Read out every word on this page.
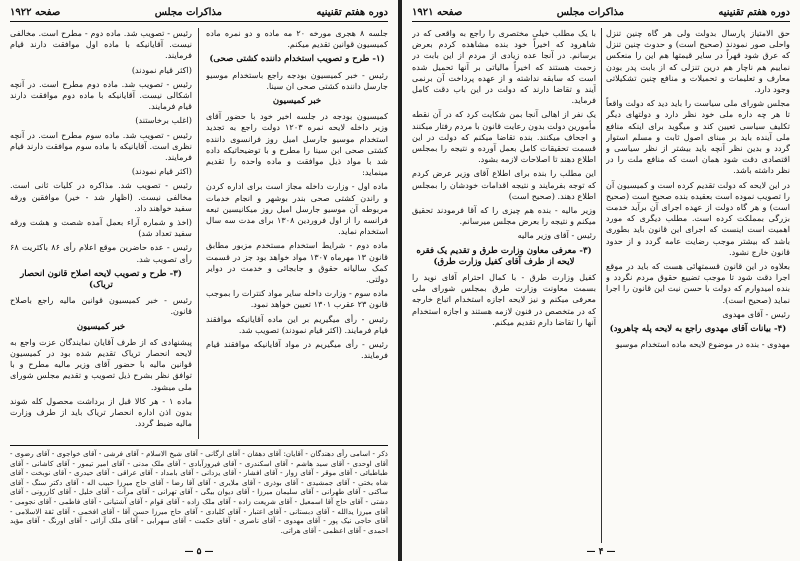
دوره هفتم تقنینیه
مذاکرات مجلس
صفحه ۱۹۲۲

جلسه ۸ هجری مورخه ۲۰ مه ماده و دو نمره ماده کمیسیون قوانین تقدیم میکنم.

(۱- طرح و تصویب استخدام داننده کشتی صحی)

رئیس - خبر کمیسیون بودجه راجع باستخدام موسیو جارسل داننده کشتی صحی ان سینا.

خبر کمیسیون

کمیسیون بودجه در جلسه اخیر خود با حضور آقای وزیر داخله لایحه نمره ۱۲۰۳ دولت راجع به تجدید استخدام موسیو جارسل امیل روز فرانسوی داننده کشتی صحی ابن سینا را مطرح و با توضیحاتیکه داده شد با مواد ذیل موافقت و ماده واحده را تقدیم مینماید:

ماده اول - وزارت داخله مجاز است برای اداره کردن و راندن کشتی صحی بندر بوشهر و انجام خدمات مربوطه آن موسیو جارسل امیل روز میکانیسین تبعه فرانسه را از اول فروردین ۱۳۰۸ برای مدت سه سال استخدام نماید.

ماده دوم - شرایط استخدام مستخدم مزبور مطابق قانون ۱۳ مهرماه ۱۳۰۷ مواد خواهد بود جز در قسمت کمک سالیانه حقوق و جابجائی و خدمت در دوایر دولتی.

ماده سوم - وزارت داخله سایر مواد کنترات را بموجب قانون ۲۳ عقرب ۱۳۰۱ تعیین خواهد نمود.

رئیس - رأی میگیریم بر این ماده آقایانیکه موافقند قیام فرمایند. (اکثر قیام نمودند) تصویب شد.

رئیس - رأی میگیریم در مواد آقایانیکه موافقند قیام فرمایند.

رئیس - تصویب شد. ماده دوم - مطرح است. مخالفی نیست. آقایانیکه با ماده اول موافقت دارند قیام فرمایند.

(اکثر قیام نمودند)

رئیس - تصویب شد. ماده دوم مطرح است. در آنچه اشکالی نیست. آقایانیکه با ماده دوم موافقت دارند قیام فرمایند.

(اغلب برخاستند)

رئیس - تصویب شد. ماده سوم مطرح است. در آنچه نظری است. آقایانیکه با ماده سوم موافقت دارند قیام فرمایند.

(اکثر قیام نمودند)

رئیس - تصویب شد. مذاکره در کلیات ثانی است. مخالفی نیست. (اظهار شد - خیر) موافقین ورقه سفید خواهند داد.

(اخذ و شماره آراء بعمل آمده شصت و هشت ورقه سفید تعداد شد)

رئیس - عده حاضرین موقع اعلام رأی ۸۶ باکثریت ۶۸ رأی تصویب شد.

(۳- طرح و تصویب لایحه اصلاح قانون انحصار تریاک)

رئیس - خبر کمیسیون قوانین مالیه راجع باصلاح قانون.

خبر کمیسیون

پیشنهادی که از طرف آقایان نمایندگان عزت واجع به لایحه انحصار تریاک تقدیم شده بود در کمیسیون قوانین مالیه با حضور آقای وزیر مالیه مطرح و با توافق نظر بشرح ذیل تصویب و تقدیم مجلس شورای ملی میشود.

ماده ۱ - هر کالا قبل از برداشت محصول کله شوند بدون اذن اداره انحصار تریاک باید از طرف وزارت مالیه ضبط گردد.

ذکر - اسامی رأی دهندگان - آقایان: آقای دهقان - آقای ارگانی - آقای شیخ الاسلام - آقای فرشی - آقای خواجوی - آقای رضوی - آقای اوحدی - آقای سید هاشم - آقای اسکندری - آقای فیروزآبادی - آقای ملک مدنی - آقای امیر تیمور - آقای کاشانی - آقای طباطبائی - آقای موقر - آقای زوار - آقای افشار - آقای یزدانی - آقای بامداد - آقای عراقی - آقای حیدری - آقای نوبخت - آقای شاه بختی - آقای جمشیدی - آقای بوذری - آقای ملایری - آقای آقا رضا - آقای حاج میرزا حبیب اله - آقای دکتر سنگ - آقای ساکنی - آقای طهرانی - آقای سلیمان میرزا - آقای دیوان بیگی - آقای تهرانی - آقای مرآت - آقای خلیل - آقای کازرونی - آقای دشتی - آقای حاج آقا اسمعیل - آقای شریعت زاده - آقای ملک زاده - آقای قوام - آقای آشتیانی - آقای فاطمی - آقای نجومی - آقای میرزا یدالله - آقای دبستانی - آقای اعتبار - آقای کلبادی - آقای حاج میرزا حسن آقا - آقای افخمی - آقای ثقة الاسلامی - آقای حاجی نیک پور - آقای مهدوی - آقای ناصری - آقای حکمت - آقای سهرابی - آقای ملک آرائی - آقای اورنگ - آقای مؤید احمدی - آقای اعظمی - آقای هراتی.
— ۵ —
دوره هفتم تقنینیه
مذاکرات مجلس
صفحه ۱۹۲۱

حق الامتیاز پارسال بدولت ولی هر گاه چنین تنزل واحلی صور نمودند (صحیح است) و حدوث چنین تنزل که عرق شود قهراً در سایر قیمتها هم این را منعکس نماییم هم ناچار هم درین تنزلی که از بابت پدر بودن معارف و تعلیمات و تحمیلات و منافع چنین تشکیلاتی وجود دارد.

مجلس شورای ملی سیاست را باید دید که دولت واقعاً تا هر چه داره ملی خود نظر دارد و دولتهای دیگر تکلیف سیاسی تعیین کند و میگوید برای اینکه منافع ملی آینده باید بر مبنای اصول ثابت و مسلم استوار گردد و بدین نظر آنچه باید بیشتر از نظر سیاسی و اقتصادی دقت شود همان است که منافع ملت را در نظر داشته باشد.

در این لایحه که دولت تقدیم کرده است و کمیسیون آن را تصویب نموده است بعقیده بنده صحیح است (صحیح است) و هر گاه دولت از عهده اجرای آن برآید خدمت بزرگی بمملکت کرده است. مطلب دیگری که مورد اهمیت است اینست که اجرای این قانون باید بطوری باشد که بیشتر موجب رضایت عامه گردد و از حدود قانون خارج نشود.

بعلاوه در این قانون قسمتهائی هست که باید در موقع اجرا دقت شود تا موجب تضییع حقوق مردم نگردد و بنده امیدوارم که دولت با حسن نیت این قانون را اجرا نماید (صحیح است).

رئیس - آقای مهدوی

(۴- بیانات آقای مهدوی راجع به لایحه پله چاهرود)

مهدوی - بنده در موضوع لایحه ماده استخدام موسیو

با یک مطلب خیلی مختصری را راجع به واقعی که در شاهرود که اخیراً خود بنده مشاهده کردم بعرض برسانم. در آنجا عده زیادی از مردم از این بابت در زحمت هستند که اخیراً مالیاتی بر آنها تحمیل شده است که سابقه نداشته و از عهده پرداخت آن برنمی آیند و تقاضا دارند که دولت در این باب دقت کامل فرماید.

یک نفر از اهالی آنجا بمن شکایت کرد که در آن نقطه مأمورین دولت بدون رعایت قانون با مردم رفتار میکنند و اجحاف میکنند. بنده تقاضا میکنم که دولت در این قسمت تحقیقات کامل بعمل آورده و نتیجه را بمجلس اطلاع دهند تا اصلاحات لازمه بشود.

این مطلب را بنده برای اطلاع آقای وزیر عرض کردم که توجه بفرمایند و نتیجه اقدامات خودشان را بمجلس اطلاع دهند. (صحیح است)

وزیر مالیه - بنده هم چیزی را که آقا فرمودند تحقیق میکنم و نتیجه را بعرض مجلس میرسانم.

رئیس - آقای وزیر مالیه

(۳- معرفی معاون وزارت طرق و تقدیم یک فقره لایحه از طرف آقای کفیل وزارت طرق)

کفیل وزارت طرق - با کمال احترام آقای نوید را بسمت معاونت وزارت طرق بمجلس شورای ملی معرفی میکنم و نیز لایحه اجازه استخدام اتباع خارجه که در متخصص در فنون لازمه هستند و اجازه استخدام آنها را تقاضا دارم تقدیم میکنم.

— ۴ —
